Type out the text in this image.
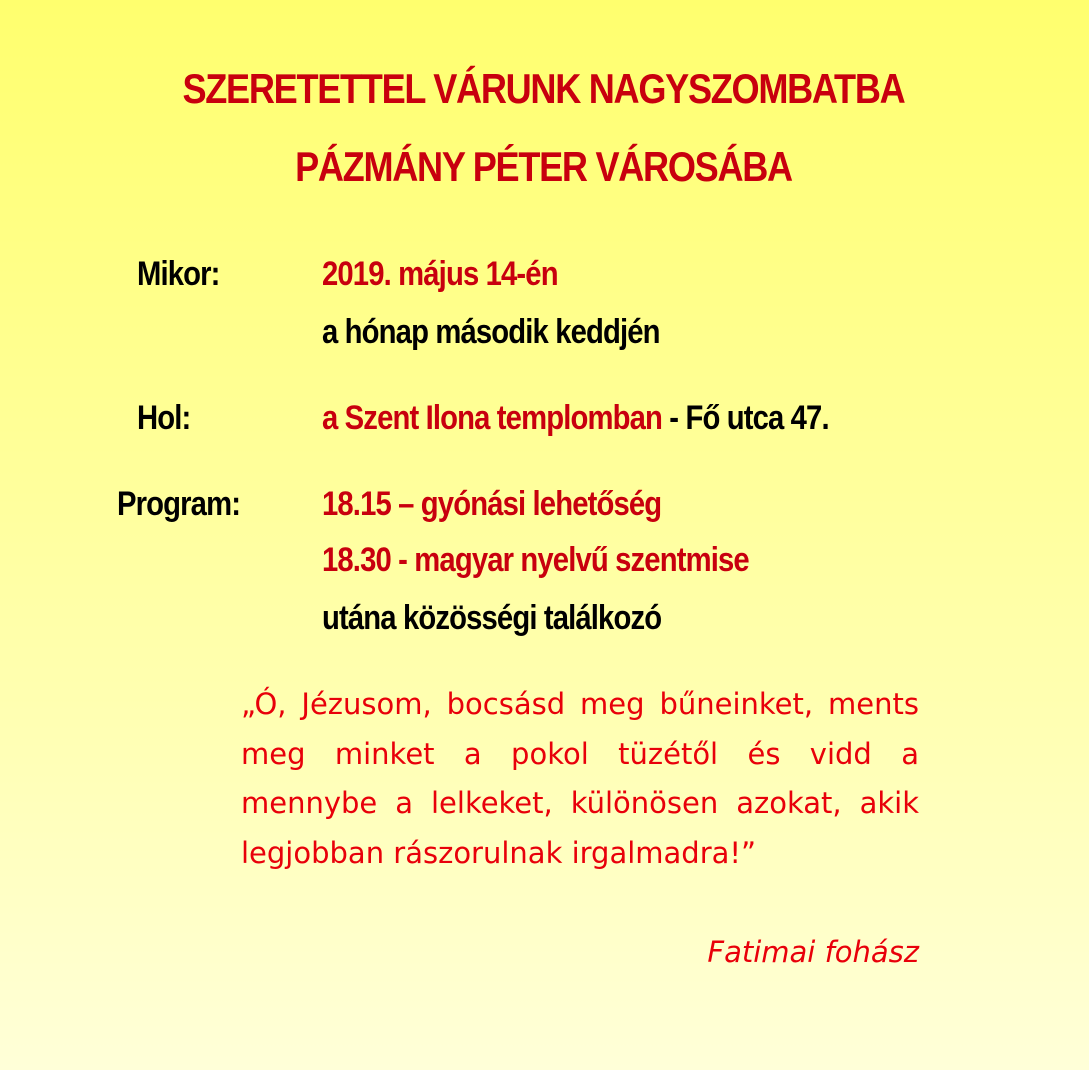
SZERETETTEL VÁRUNK NAGYSZOMBATBA
PÁZMÁNY PÉTER VÁROSÁBA
Mikor:	2019. május 14-én
a hónap második keddjén
Hol:	a Szent Ilona templomban - Fő utca 47.
Program: 18.15 – gyónási lehetőség
18.30 - magyar nyelvű szentmise
utána közösségi találkozó
„Ó, Jézusom, bocsásd meg bűneinket, ments meg minket a pokol tüzétől és vidd a mennybe a lelkeket, különösen azokat, akik legjobban rászorulnak irgalmadra!”
Fatimai fohász
